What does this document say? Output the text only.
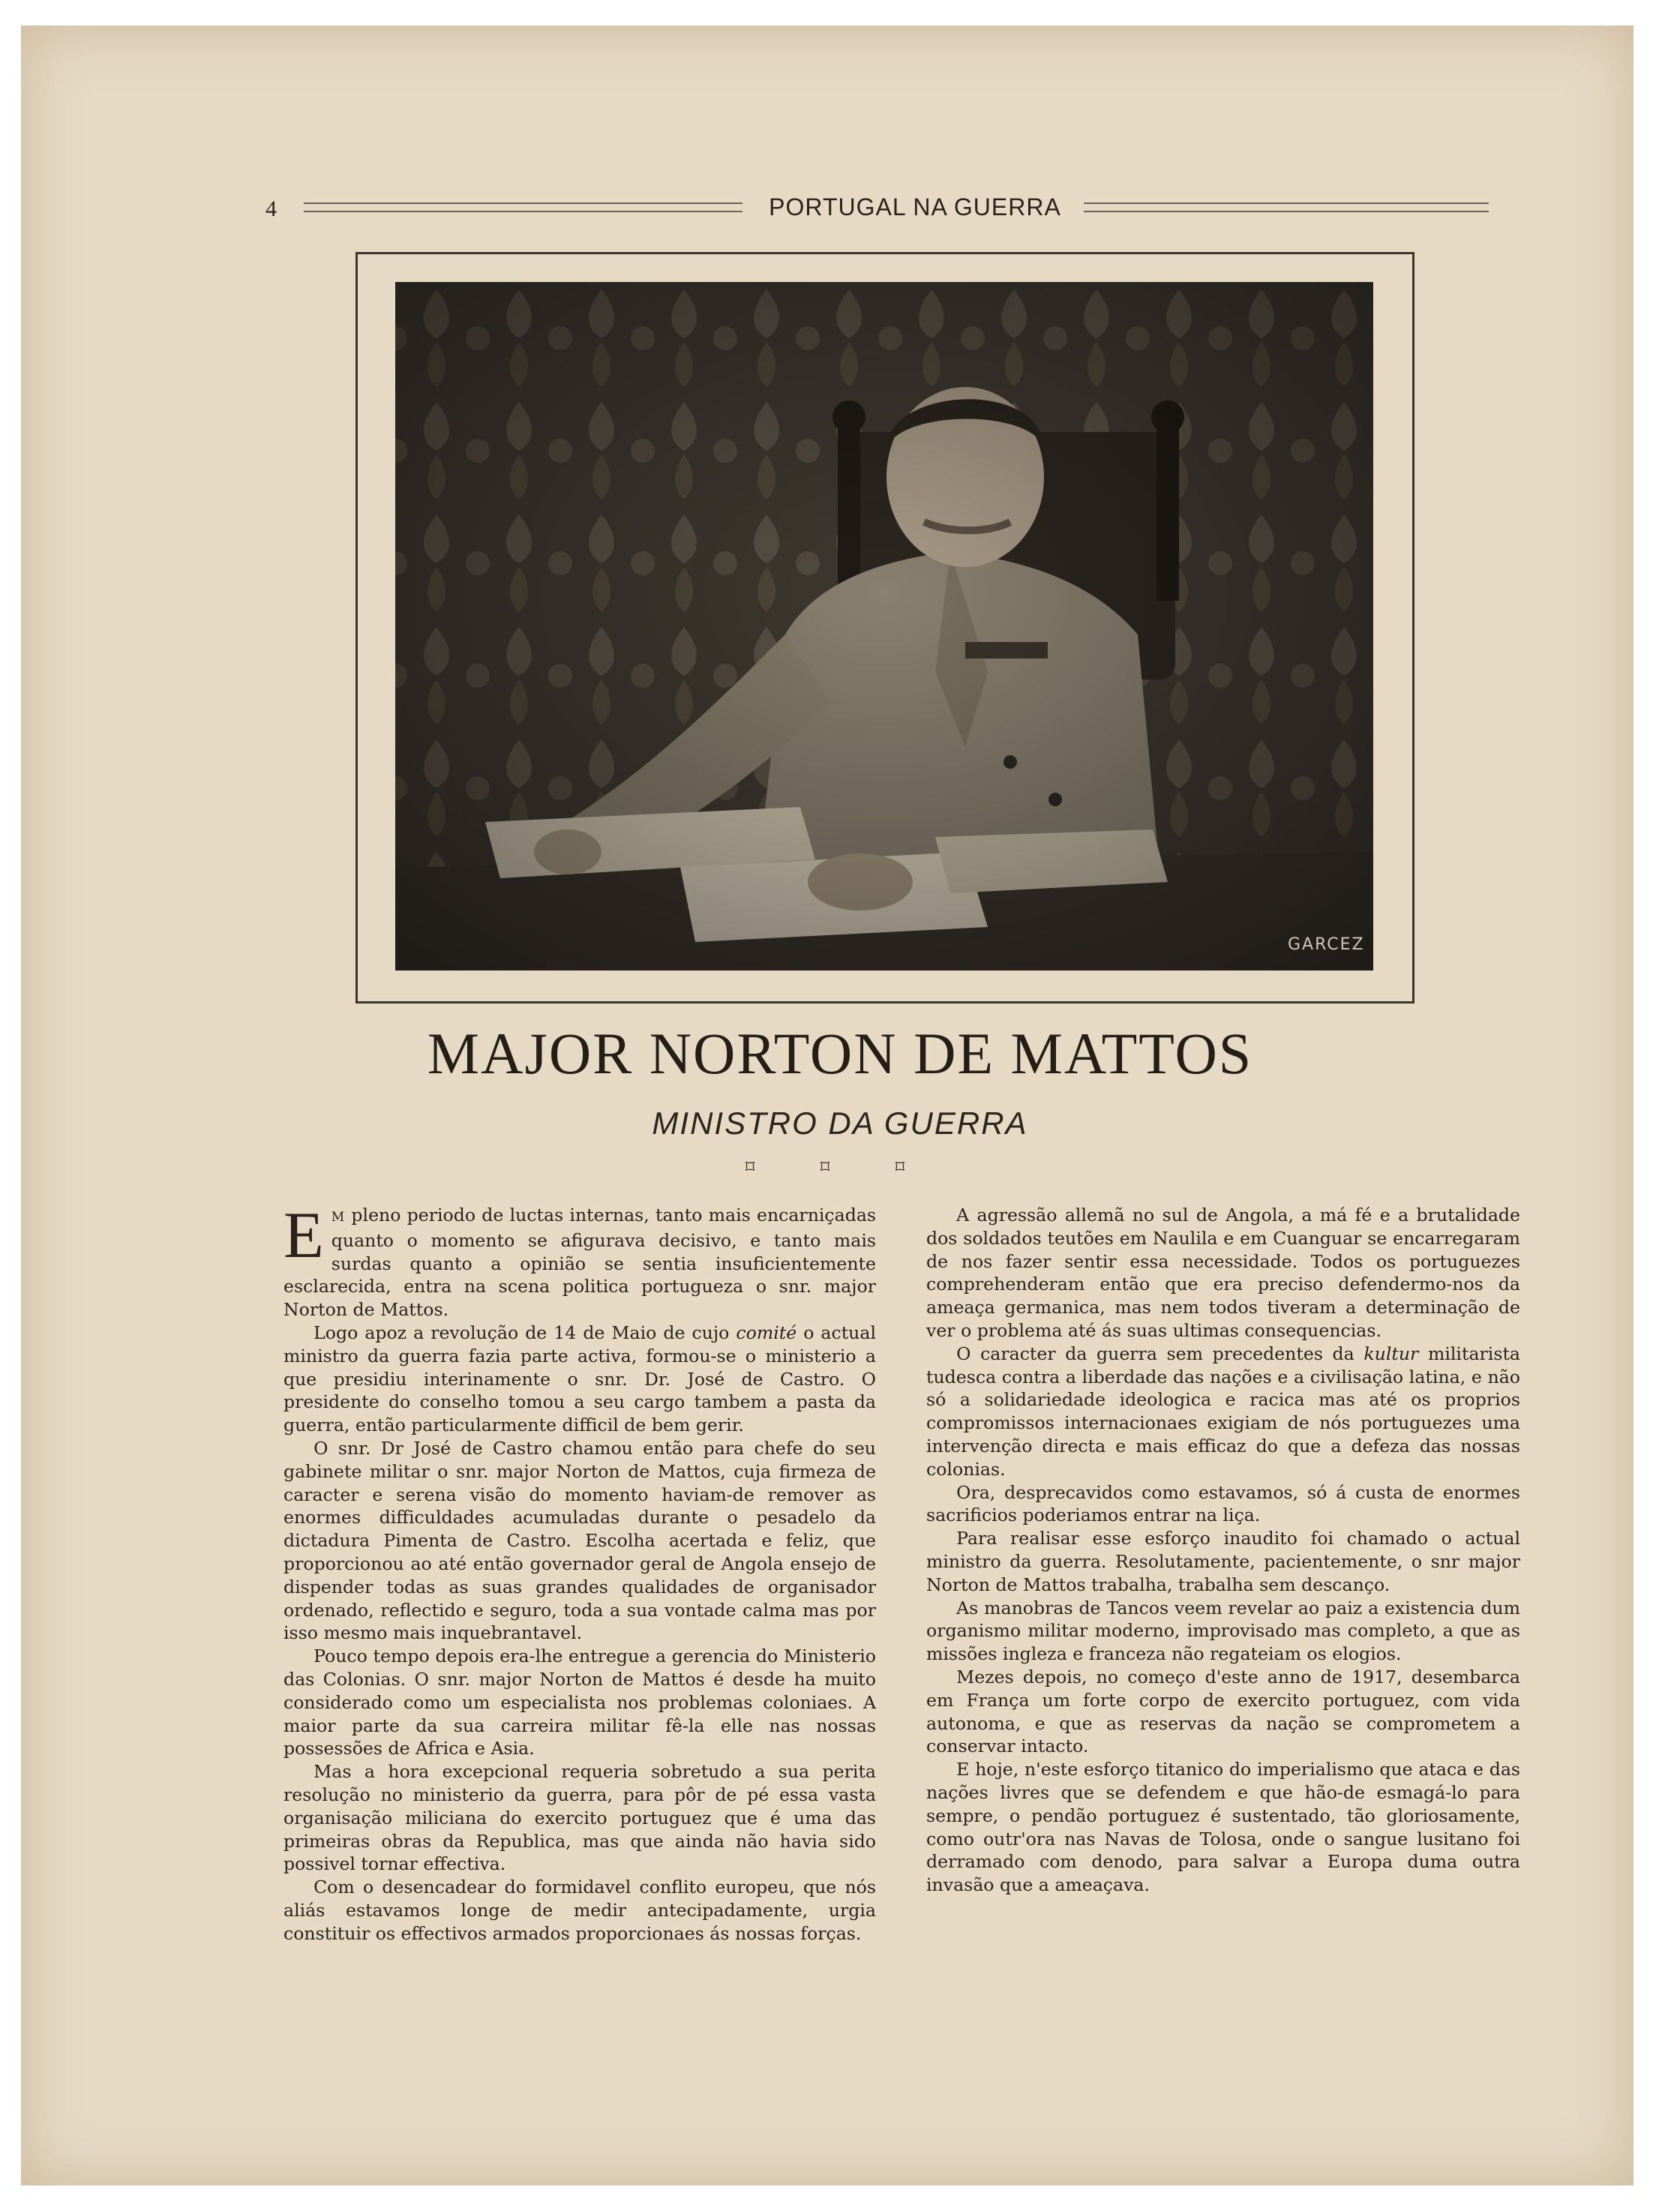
4	PORTUGAL NA GUERRA
GARCEZ
MAJOR NORTON DE MATTOS
MINISTRO DA GUERRA
⌑ ⌑ ⌑

E M pleno periodo de luctas internas, tanto mais encarniçadas quanto o momento se afigurava decisivo, e tanto mais surdas quanto a opinião se sentia insuficientemente esclarecida, entra na scena politica portugueza o snr. major Norton de Mattos.

Logo apoz a revolução de 14 de Maio de cujo comité o actual ministro da guerra fazia parte activa, formou-se o ministerio a que presidiu interinamente o snr. Dr. José de Castro. O presidente do conselho tomou a seu cargo tambem a pasta da guerra, então particularmente difficil de bem gerir.

O snr. Dr José de Castro chamou então para chefe do seu gabinete militar o snr. major Norton de Mattos, cuja firmeza de caracter e serena visão do momento haviam-de remover as enormes difficuldades acumuladas durante o pesadelo da dictadura Pimenta de Castro. Escolha acertada e feliz, que proporcionou ao até então governador geral de Angola ensejo de dispender todas as suas grandes qualidades de organisador ordenado, reflectido e seguro, toda a sua vontade calma mas por isso mesmo mais inquebrantavel.

Pouco tempo depois era-lhe entregue a gerencia do Ministerio das Colonias. O snr. major Norton de Mattos é desde ha muito considerado como um especialista nos problemas coloniaes. A maior parte da sua carreira militar fê-la elle nas nossas possessões de Africa e Asia.

Mas a hora excepcional requeria sobretudo a sua perita resolução no ministerio da guerra, para pôr de pé essa vasta organisação miliciana do exercito portuguez que é uma das primeiras obras da Republica, mas que ainda não havia sido possivel tornar effectiva.

Com o desencadear do formidavel conflito europeu, que nós aliás estavamos longe de medir antecipadamente, urgia constituir os effectivos armados proporcionaes ás nossas forças.

A agressão allemã no sul de Angola, a má fé e a brutalidade dos soldados teutões em Naulila e em Cuanguar se encarregaram de nos fazer sentir essa necessidade. Todos os portuguezes comprehenderam então que era preciso defendermo-nos da ameaça germanica, mas nem todos tiveram a determinação de ver o problema até ás suas ultimas consequencias.

O caracter da guerra sem precedentes da kultur militarista tudesca contra a liberdade das nações e a civilisação latina, e não só a solidariedade ideologica e racica mas até os proprios compromissos internacionaes exigiam de nós portuguezes uma intervenção directa e mais efficaz do que a defeza das nossas colonias.

Ora, desprecavidos como estavamos, só á custa de enormes sacrificios poderiamos entrar na liça.

Para realisar esse esforço inaudito foi chamado o actual ministro da guerra. Resolutamente, pacientemente, o snr major Norton de Mattos trabalha, trabalha sem descanço.

As manobras de Tancos veem revelar ao paiz a existencia dum organismo militar moderno, improvisado mas completo, a que as missões ingleza e franceza não regateiam os elogios.

Mezes depois, no começo d'este anno de 1917, desembarca em França um forte corpo de exercito portuguez, com vida autonoma, e que as reservas da nação se comprometem a conservar intacto.

E hoje, n'este esforço titanico do imperialismo que ataca e das nações livres que se defendem e que hão-de esmagá-lo para sempre, o pendão portuguez é sustentado, tão gloriosamente, como outr'ora nas Navas de Tolosa, onde o sangue lusitano foi derramado com denodo, para salvar a Europa duma outra invasão que a ameaçava.
